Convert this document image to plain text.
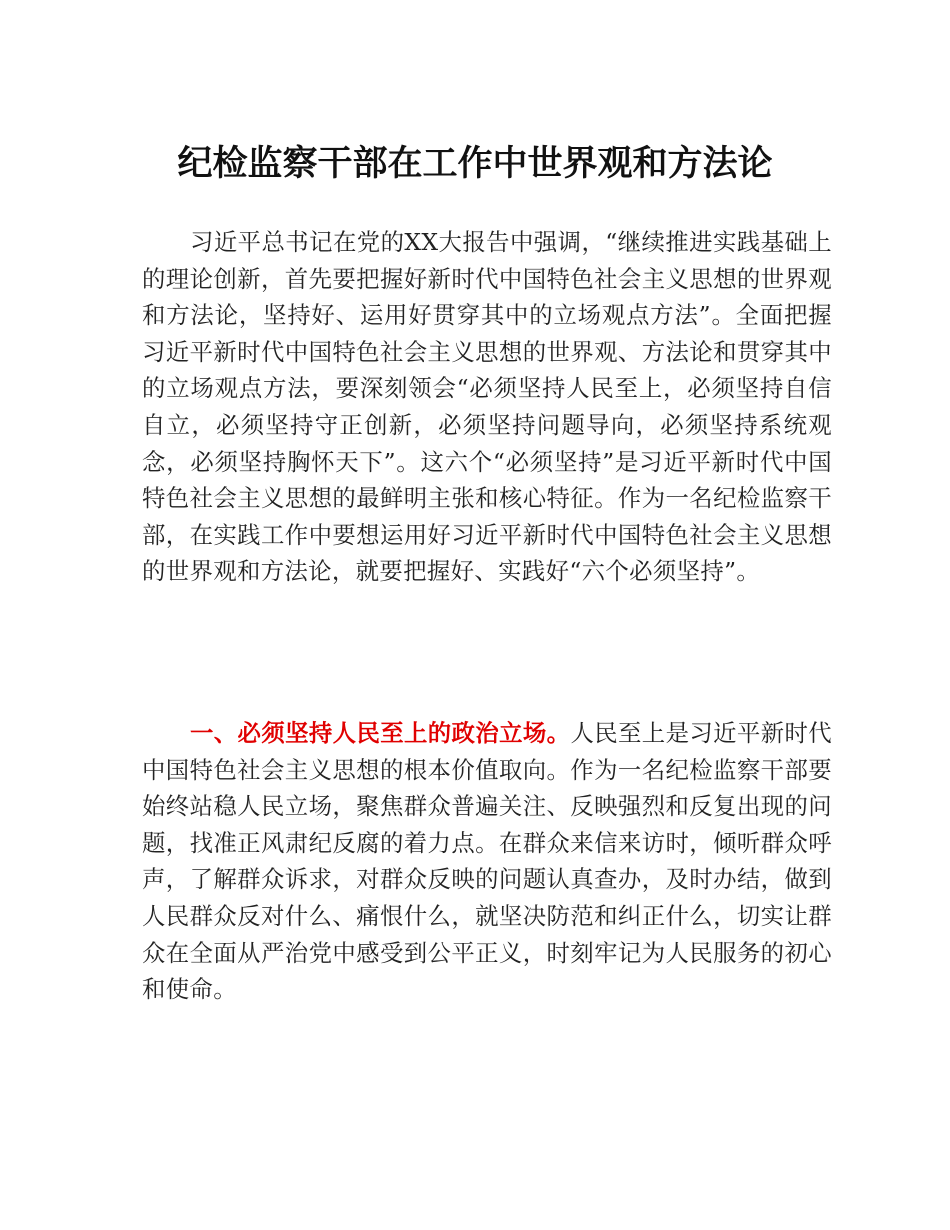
纪检监察干部在工作中世界观和方法论

习近平总书记在党的XX大报告中强调，“继续推进实践基础上的理论创新，首先要把握好新时代中国特色社会主义思想的世界观和方法论，坚持好、运用好贯穿其中的立场观点方法”。全面把握习近平新时代中国特色社会主义思想的世界观、方法论和贯穿其中的立场观点方法，要深刻领会“必须坚持人民至上，必须坚持自信自立，必须坚持守正创新，必须坚持问题导向，必须坚持系统观念，必须坚持胸怀天下”。这六个“必须坚持”是习近平新时代中国特色社会主义思想的最鲜明主张和核心特征。作为一名纪检监察干部，在实践工作中要想运用好习近平新时代中国特色社会主义思想的世界观和方法论，就要把握好、实践好“六个必须坚持”。

一、必须坚持人民至上的政治立场。人民至上是习近平新时代中国特色社会主义思想的根本价值取向。作为一名纪检监察干部要始终站稳人民立场，聚焦群众普遍关注、反映强烈和反复出现的问题，找准正风肃纪反腐的着力点。在群众来信来访时，倾听群众呼声，了解群众诉求，对群众反映的问题认真查办，及时办结，做到人民群众反对什么、痛恨什么，就坚决防范和纠正什么，切实让群众在全面从严治党中感受到公平正义，时刻牢记为人民服务的初心和使命。
